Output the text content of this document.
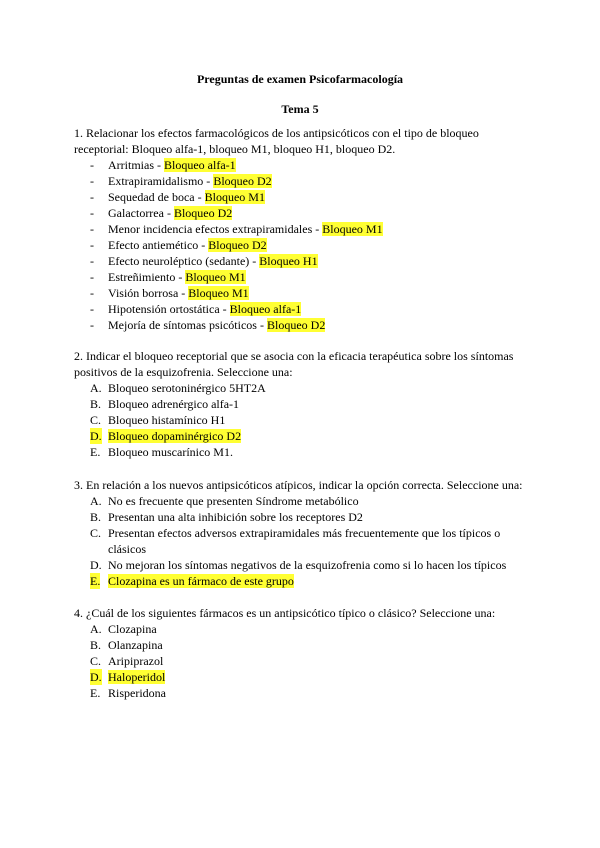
Preguntas de examen Psicofarmacología
Tema 5

1. Relacionar los efectos farmacológicos de los antipsicóticos con el tipo de bloqueo
receptorial: Bloqueo alfa-1, bloqueo M1, bloqueo H1, bloqueo D2.

- Arritmias - Bloqueo alfa-1
- Extrapiramidalismo - Bloqueo D2
- Sequedad de boca - Bloqueo M1
- Galactorrea - Bloqueo D2
- Menor incidencia efectos extrapiramidales - Bloqueo M1
- Efecto antiemético - Bloqueo D2
- Efecto neuroléptico (sedante) - Bloqueo H1
- Estreñimiento - Bloqueo M1
- Visión borrosa - Bloqueo M1
- Hipotensión ortostática - Bloqueo alfa-1
- Mejoría de síntomas psicóticos - Bloqueo D2

2. Indicar el bloqueo receptorial que se asocia con la eficacia terapéutica sobre los síntomas
positivos de la esquizofrenia. Seleccione una:

A. Bloqueo serotoninérgico 5HT2A
B. Bloqueo adrenérgico alfa-1
C. Bloqueo histamínico H1
D. Bloqueo dopaminérgico D2
E. Bloqueo muscarínico M1.

3. En relación a los nuevos antipsicóticos atípicos, indicar la opción correcta. Seleccione una:

A. No es frecuente que presenten Síndrome metabólico
B. Presentan una alta inhibición sobre los receptores D2
C. Presentan efectos adversos extrapiramidales más frecuentemente que los típicos o
clásicos
D. No mejoran los síntomas negativos de la esquizofrenia como si lo hacen los típicos
E. Clozapina es un fármaco de este grupo

4. ¿Cuál de los siguientes fármacos es un antipsicótico típico o clásico? Seleccione una:

A. Clozapina
B. Olanzapina
C. Aripiprazol
D. Haloperidol
E. Risperidona
